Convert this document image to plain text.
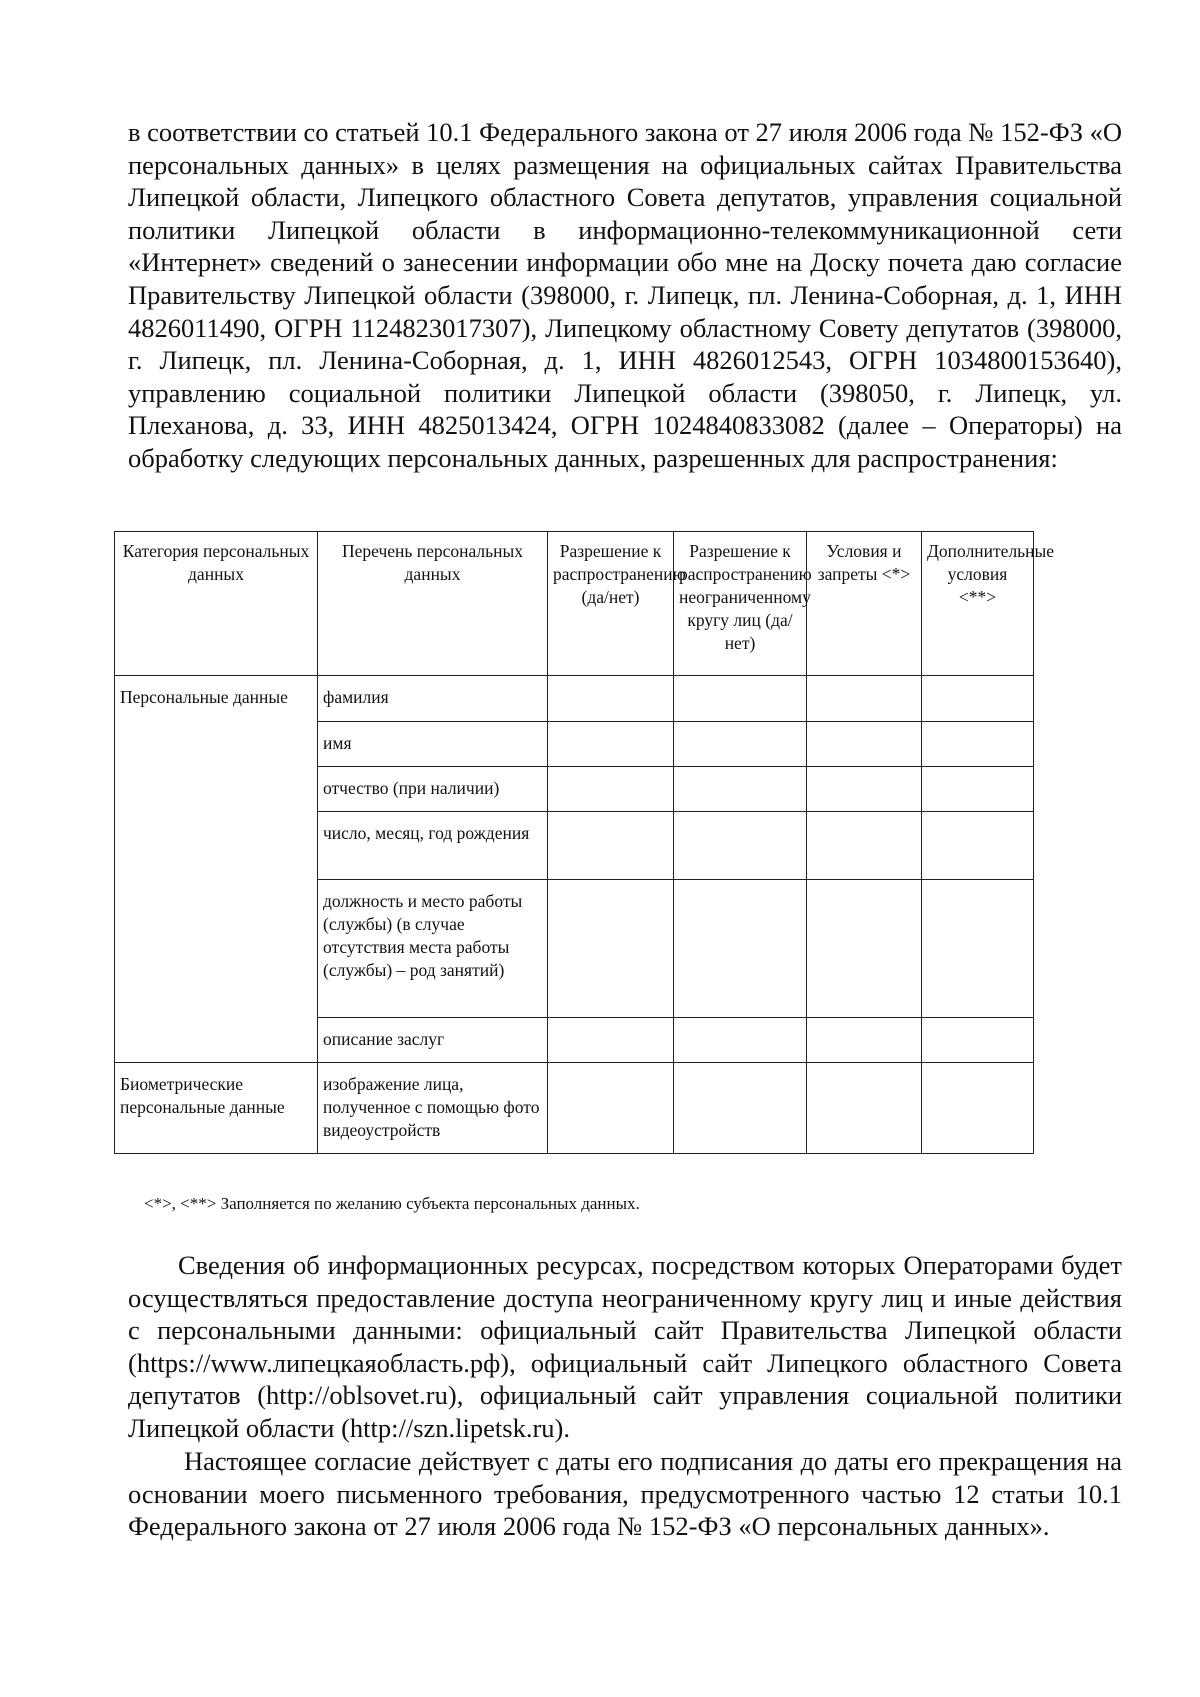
в соответствии со статьей 10.1 Федерального закона от 27 июля 2006 года № 152-ФЗ «О персональных данных» в целях размещения на официальных сайтах Правительства Липецкой области, Липецкого областного Совета депутатов, управления социальной политики Липецкой области в информационно-телекоммуникационной сети «Интернет» сведений о занесении информации обо мне на Доску почета даю согласие Правительству Липецкой области (398000, г. Липецк, пл. Ленина-Соборная, д. 1, ИНН 4826011490, ОГРН 1124823017307), Липецкому областному Совету депутатов (398000, г. Липецк, пл. Ленина-Соборная, д. 1, ИНН 4826012543, ОГРН 1034800153640), управлению социальной политики Липецкой области (398050, г. Липецк, ул. Плеханова, д. 33, ИНН 4825013424, ОГРН 1024840833082 (далее – Операторы) на обработку следующих персональных данных, разрешенных для распространения:

Категория персональных данных	Перечень персональных данных	Разрешение к распространению (да/нет)	Разрешение к распространению неограниченному кругу лиц (да/нет)	Условия и запреты <*>	Дополнительные условия <**>
Персональные данные	фамилия				
	имя				
	отчество (при наличии)				
	число, месяц, год рождения				
	должность и место работы (службы) (в случае отсутствия места работы (службы) – род занятий)				
	описание заслуг				
Биометрические персональные данные	изображение лица, полученное с помощью фото видеоустройств				

<*>, <**> Заполняется по желанию субъекта персональных данных.

Сведения об информационных ресурсах, посредством которых Операторами будет осуществляться предоставление доступа неограниченному кругу лиц и иные действия с персональными данными: официальный сайт Правительства Липецкой области (https://www.липецкаяобласть.рф), официальный сайт Липецкого областного Совета депутатов (http://oblsovet.ru), официальный сайт управления социальной политики Липецкой области (http://szn.lipetsk.ru).

Настоящее согласие действует с даты его подписания до даты его прекращения на основании моего письменного требования, предусмотренного частью 12 статьи 10.1 Федерального закона от 27 июля 2006 года № 152-ФЗ «О персональных данных».
